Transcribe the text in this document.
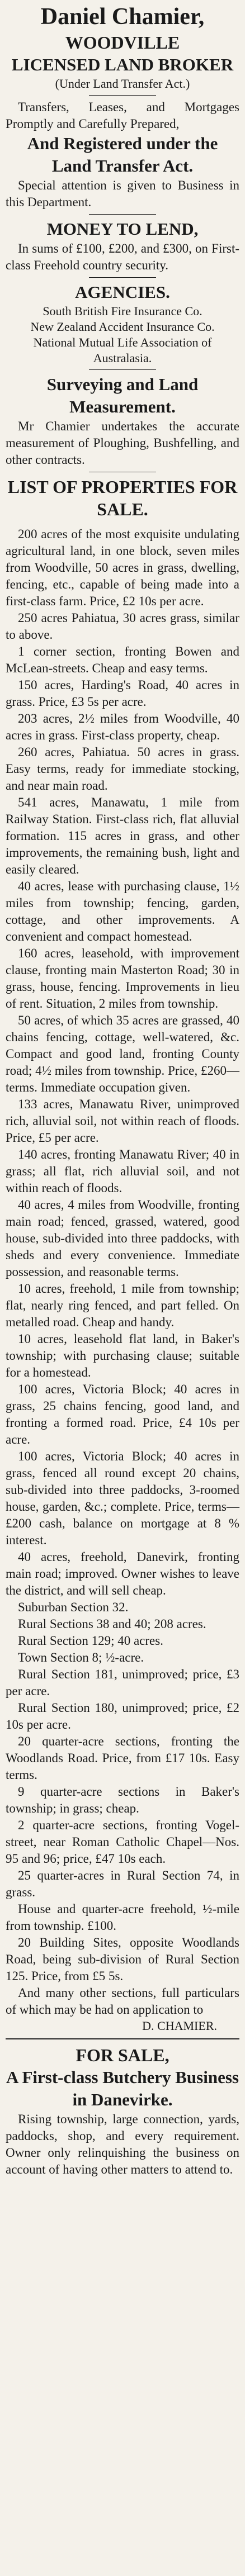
Daniel Chamier,
WOODVILLE
LICENSED LAND BROKER
(Under Land Transfer Act.)

Transfers, Leases, and Mortgages Promptly and Carefully Prepared,

And Registered under the Land Transfer Act.

Special attention is given to Business in this Department.

MONEY TO LEND,

In sums of £100, £200, and £300, on First-class Freehold country security.

AGENCIES.
South British Fire Insurance Co.
New Zealand Accident Insurance Co.
National Mutual Life Association of Australasia.
Surveying and Land Measurement.

Mr Chamier undertakes the accurate measurement of Ploughing, Bushfelling, and other contracts.

LIST OF PROPERTIES FOR SALE.

200 acres of the most exquisite undulating agricultural land, in one block, seven miles from Woodville, 50 acres in grass, dwelling, fencing, etc., capable of being made into a first-class farm. Price, £2 10s per acre.

250 acres Pahiatua, 30 acres grass, similar to above.

1 corner section, fronting Bowen and McLean-streets. Cheap and easy terms.

150 acres, Harding's Road, 40 acres in grass. Price, £3 5s per acre.

203 acres, 2½ miles from Woodville, 40 acres in grass. First-class property, cheap.

260 acres, Pahiatua. 50 acres in grass. Easy terms, ready for immediate stocking, and near main road.

541 acres, Manawatu, 1 mile from Railway Station. First-class rich, flat alluvial formation. 115 acres in grass, and other improvements, the remaining bush, light and easily cleared.

40 acres, lease with purchasing clause, 1½ miles from township; fencing, garden, cottage, and other improvements. A convenient and compact homestead.

160 acres, leasehold, with improvement clause, fronting main Masterton Road; 30 in grass, house, fencing. Improvements in lieu of rent. Situation, 2 miles from township.

50 acres, of which 35 acres are grassed, 40 chains fencing, cottage, well-watered, &c. Compact and good land, fronting County road; 4½ miles from township. Price, £260—terms. Immediate occupation given.

133 acres, Manawatu River, unimproved rich, alluvial soil, not within reach of floods. Price, £5 per acre.

140 acres, fronting Manawatu River; 40 in grass; all flat, rich alluvial soil, and not within reach of floods.

40 acres, 4 miles from Woodville, fronting main road; fenced, grassed, watered, good house, sub-divided into three paddocks, with sheds and every convenience. Immediate possession, and reasonable terms.

10 acres, freehold, 1 mile from township; flat, nearly ring fenced, and part felled. On metalled road. Cheap and handy.

10 acres, leasehold flat land, in Baker's township; with purchasing clause; suitable for a homestead.

100 acres, Victoria Block; 40 acres in grass, 25 chains fencing, good land, and fronting a formed road. Price, £4 10s per acre.

100 acres, Victoria Block; 40 acres in grass, fenced all round except 20 chains, sub-divided into three paddocks, 3-roomed house, garden, &c.; complete. Price, terms—£200 cash, balance on mortgage at 8 % interest.

40 acres, freehold, Danevirk, fronting main road; improved. Owner wishes to leave the district, and will sell cheap.

Suburban Section 32.

Rural Sections 38 and 40; 208 acres.

Rural Section 129; 40 acres.

Town Section 8; ½-acre.

Rural Section 181, unimproved; price, £3 per acre.

Rural Section 180, unimproved; price, £2 10s per acre.

20 quarter-acre sections, fronting the Woodlands Road. Price, from £17 10s. Easy terms.

9 quarter-acre sections in Baker's township; in grass; cheap.

2 quarter-acre sections, fronting Vogel-street, near Roman Catholic Chapel—Nos. 95 and 96; price, £47 10s each.

25 quarter-acres in Rural Section 74, in grass.

House and quarter-acre freehold, ½-mile from township. £100.

20 Building Sites, opposite Woodlands Road, being sub-division of Rural Section 125. Price, from £5 5s.

And many other sections, full particulars of which may be had on application to

D. CHAMIER.
FOR SALE,
A First-class Butchery Business in Danevirke.

Rising township, large connection, yards, paddocks, shop, and every requirement. Owner only relinquishing the business on account of having other matters to attend to.
